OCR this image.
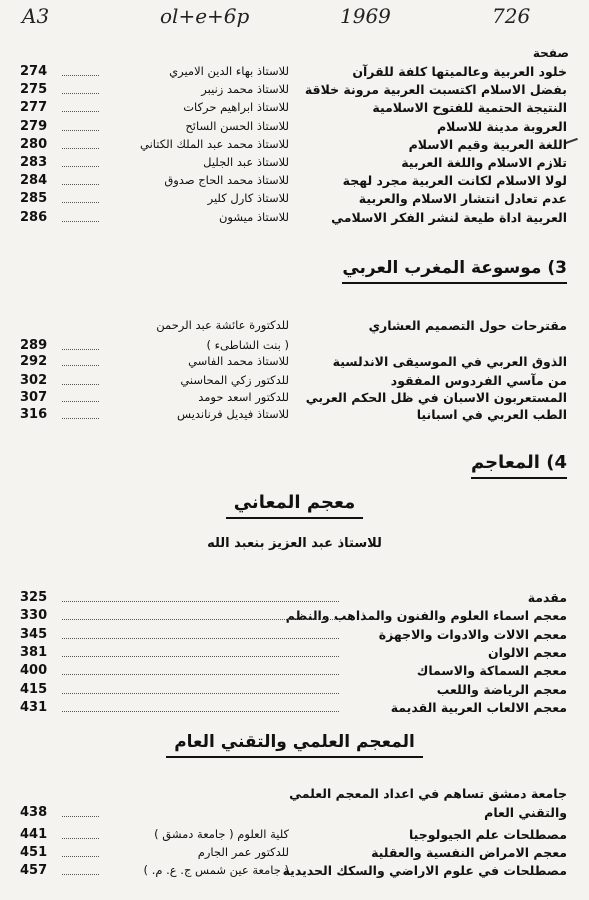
A3	ol+e+6p	1969	726
صفحة
خلود العربية وعالميتها كلفة للقرآن
للاستاذ بهاء الدين الاميري
274
بفضل الاسلام اكتسبت العربية مرونة خلاقة
للاستاذ محمد زنيبر
275
النتيجة الحتمية للفتوح الاسلامية
للاستاذ ابراهيم حركات
277
العروبة مدينة للاسلام
للاستاذ الحسن السائح
279
اللغة العربية وقيم الاسلام
للاستاذ محمد عبد الملك الكتاني
280
تلازم الاسلام واللغة العربية
للاستاذ عبد الجليل
283
لولا الاسلام لكانت العربية مجرد لهجة
للاستاذ محمد الحاج صدوق
284
عدم تعادل انتشار الاسلام والعربية
للاستاذ كارل كلير
285
العربية اداة طيعة لنشر الفكر الاسلامي
للاستاذ ميشون
286
3) موسوعة المغرب العربي
مقترحات حول التصميم العشاري
للدكتورة عائشة عبد الرحمن
( بنت الشاطىء )
289
الذوق العربي في الموسيقى الاندلسية
للاستاذ محمد الفاسي
292
من مآسي الفردوس المفقود
للدكتور زكي المحاسني
302
المستعربون الاسبان في ظل الحكم العربي
للدكتور اسعد حومد
307
الطب العربي في اسبانيا
للاستاذ فيديل فرنانديس
316
4) المعاجم
معجم المعاني
للاستاذ عبد العزيز بنعبد الله
مقدمة
325
معجم اسماء العلوم والفنون والمذاهب والنظم
330
معجم الالات والادوات والاجهزة
345
معجم الالوان
381
معجم السماكة والاسماك
400
معجم الرياضة واللعب
415
معجم الالعاب العربية القديمة
431
المعجم العلمي والتقني العام
جامعة دمشق تساهم في اعداد المعجم العلمي
والتقني العام
438
مصطلحات علم الجيولوجيا
كلية العلوم ( جامعة دمشق )
441
معجم الامراض النفسية والعقلية
للدكتور عمر الجارم
451
مصطلحات في علوم الاراضي والسكك الحديدية
( جامعة عين شمس ج. ع. م. )
457
